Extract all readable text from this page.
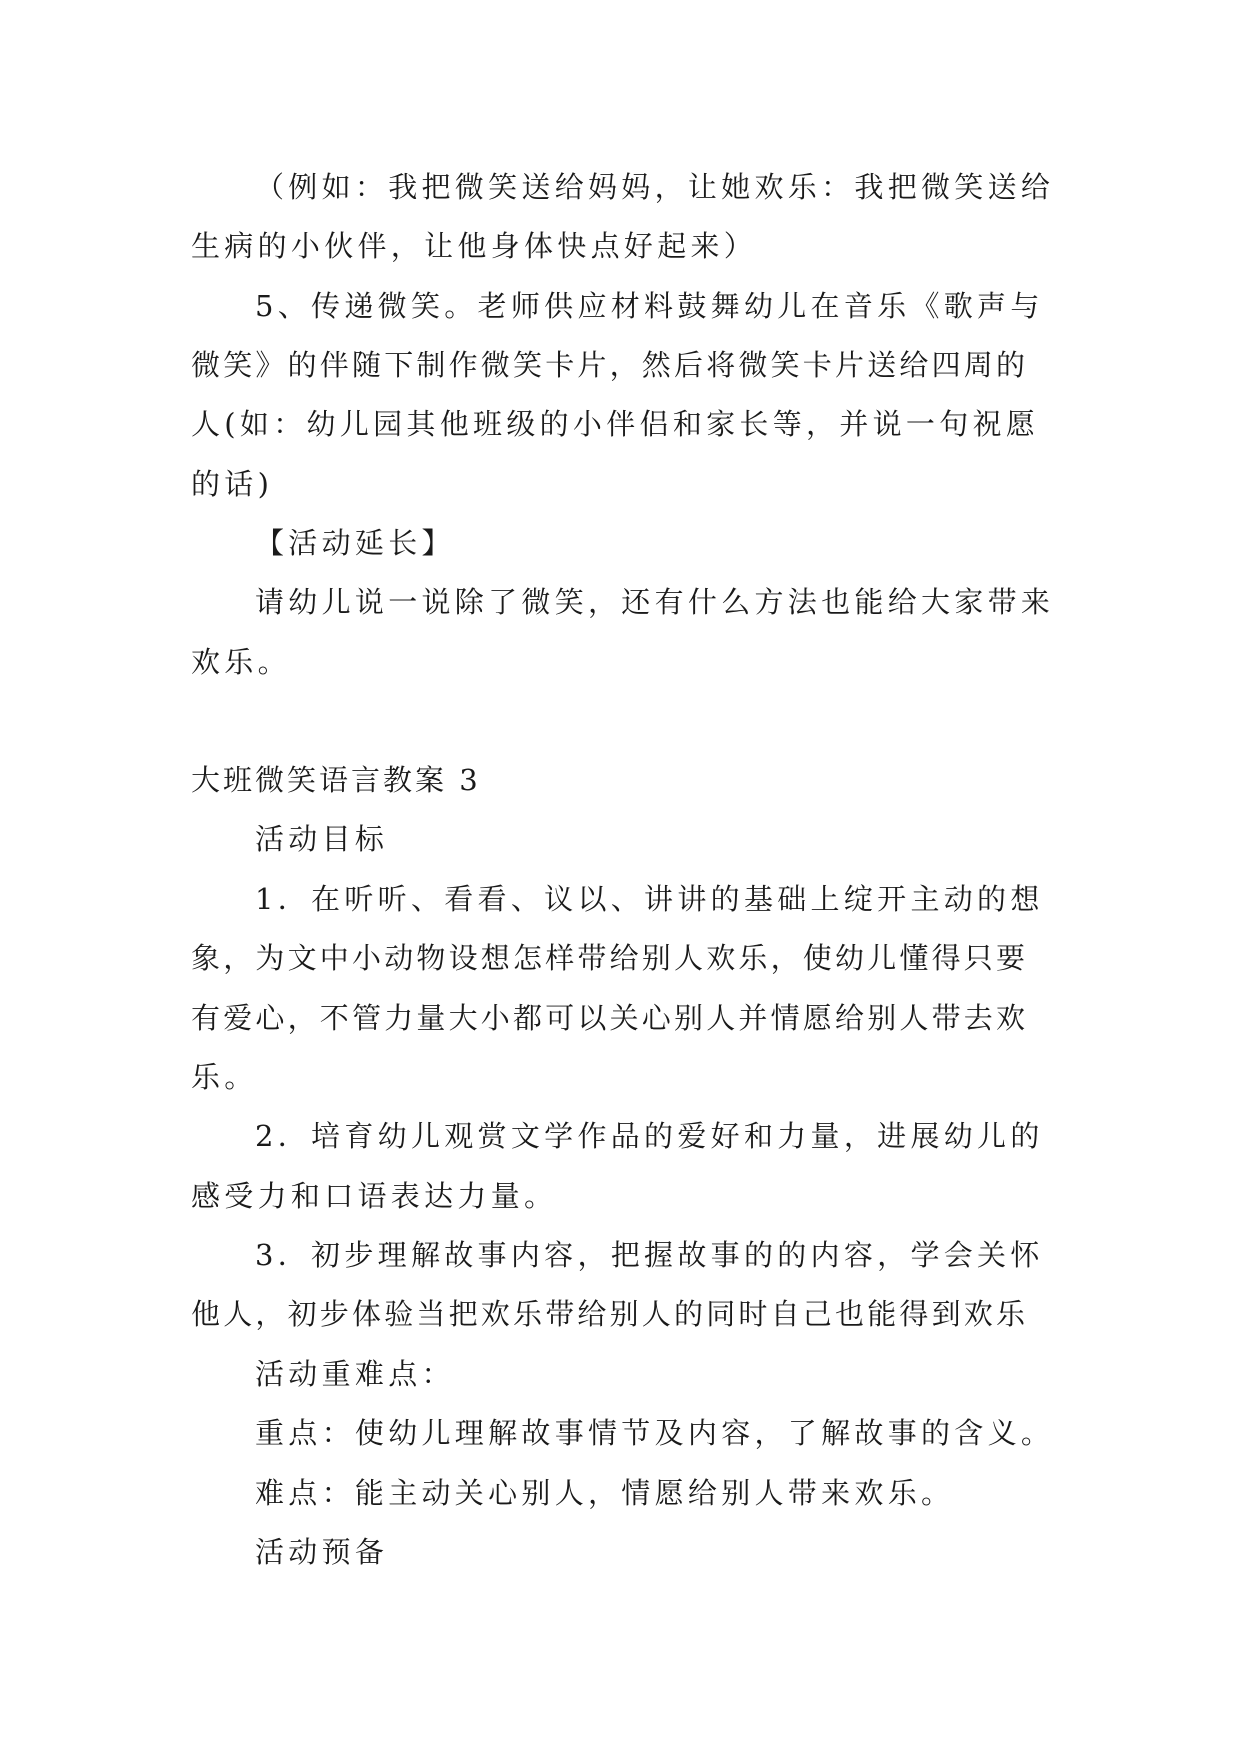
（例如：我把微笑送给妈妈，让她欢乐：我把微笑送给
生病的小伙伴，让他身体快点好起来）
5、传递微笑。老师供应材料鼓舞幼儿在音乐《歌声与
微笑》的伴随下制作微笑卡片，然后将微笑卡片送给四周的
人(如：幼儿园其他班级的小伴侣和家长等，并说一句祝愿
的话)
【活动延长】
请幼儿说一说除了微笑，还有什么方法也能给大家带来
欢乐。
大班微笑语言教案 3
活动目标
1．在听听、看看、议以、讲讲的基础上绽开主动的想
象，为文中小动物设想怎样带给别人欢乐，使幼儿懂得只要
有爱心，不管力量大小都可以关心别人并情愿给别人带去欢
乐。
2．培育幼儿观赏文学作品的爱好和力量，进展幼儿的
感受力和口语表达力量。
3．初步理解故事内容，把握故事的的内容，学会关怀
他人，初步体验当把欢乐带给别人的同时自己也能得到欢乐
活动重难点：
重点：使幼儿理解故事情节及内容，了解故事的含义。
难点：能主动关心别人，情愿给别人带来欢乐。
活动预备
